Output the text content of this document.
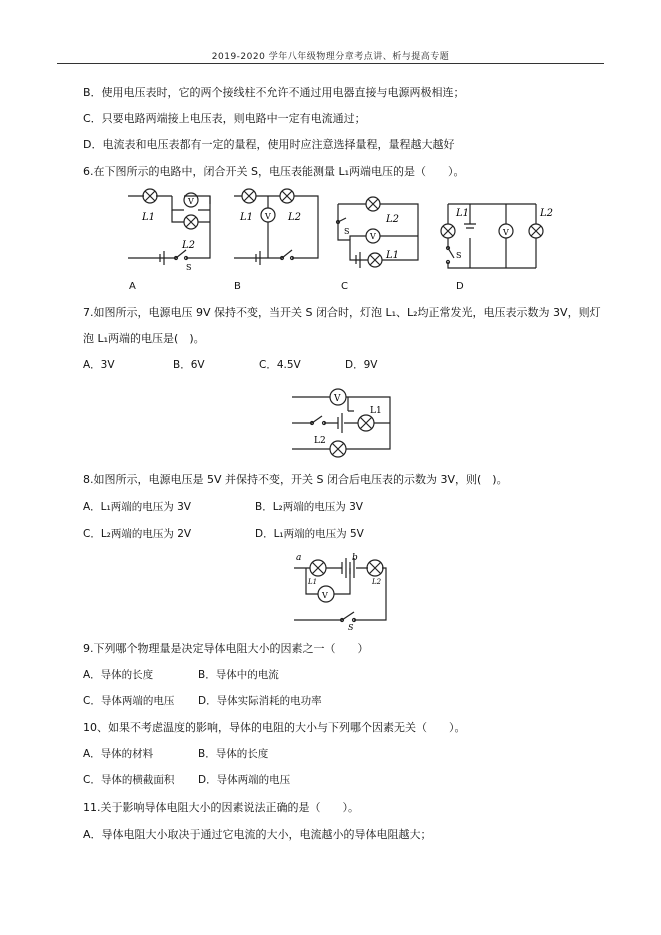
2019-2020 学年八年级物理分章考点讲、析与提高专题
B．使用电压表时，它的两个接线柱不允许不通过用电器直接与电源两极相连；
C．只要电路两端接上电压表，则电路中一定有电流通过；
D．电流表和电压表都有一定的量程，使用时应注意选择量程，量程越大越好
6.在下图所示的电路中，闭合开关 S，电压表能测量 L₁两端电压的是（　　）。
V
L1
L2
S
V
L1	L2
V
L2
L1
S	V
L1	L2
S
A	B	C	D
7.如图所示，电源电压 9V 保持不变，当开关 S 闭合时，灯泡 L₁、L₂均正常发光，电压表示数为 3V，则灯
泡 L₁两端的电压是(　)。
A．3V	B．6V	C．4.5V	D．9V
V
L1
L2
8.如图所示，电源电压是 5V 并保持不变，开关 S 闭合后电压表的示数为 3V，则(　)。
A．L₁两端的电压为 3V	B．L₂两端的电压为 3V
C．L₂两端的电压为 2V	D．L₁两端的电压为 5V
a	b
V
L1	L2
S
9.下列哪个物理量是决定导体电阻大小的因素之一（　　）
A．导体的长度	B．导体中的电流
C．导体两端的电压 D．导体实际消耗的电功率
10、如果不考虑温度的影响，导体的电阻的大小与下列哪个因素无关（　　）。
A．导体的材料	B．导体的长度
C．导体的横截面积 D．导体两端的电压
11.关于影响导体电阻大小的因素说法正确的是（　　）。
A．导体电阻大小取决于通过它电流的大小，电流越小的导体电阻越大；
